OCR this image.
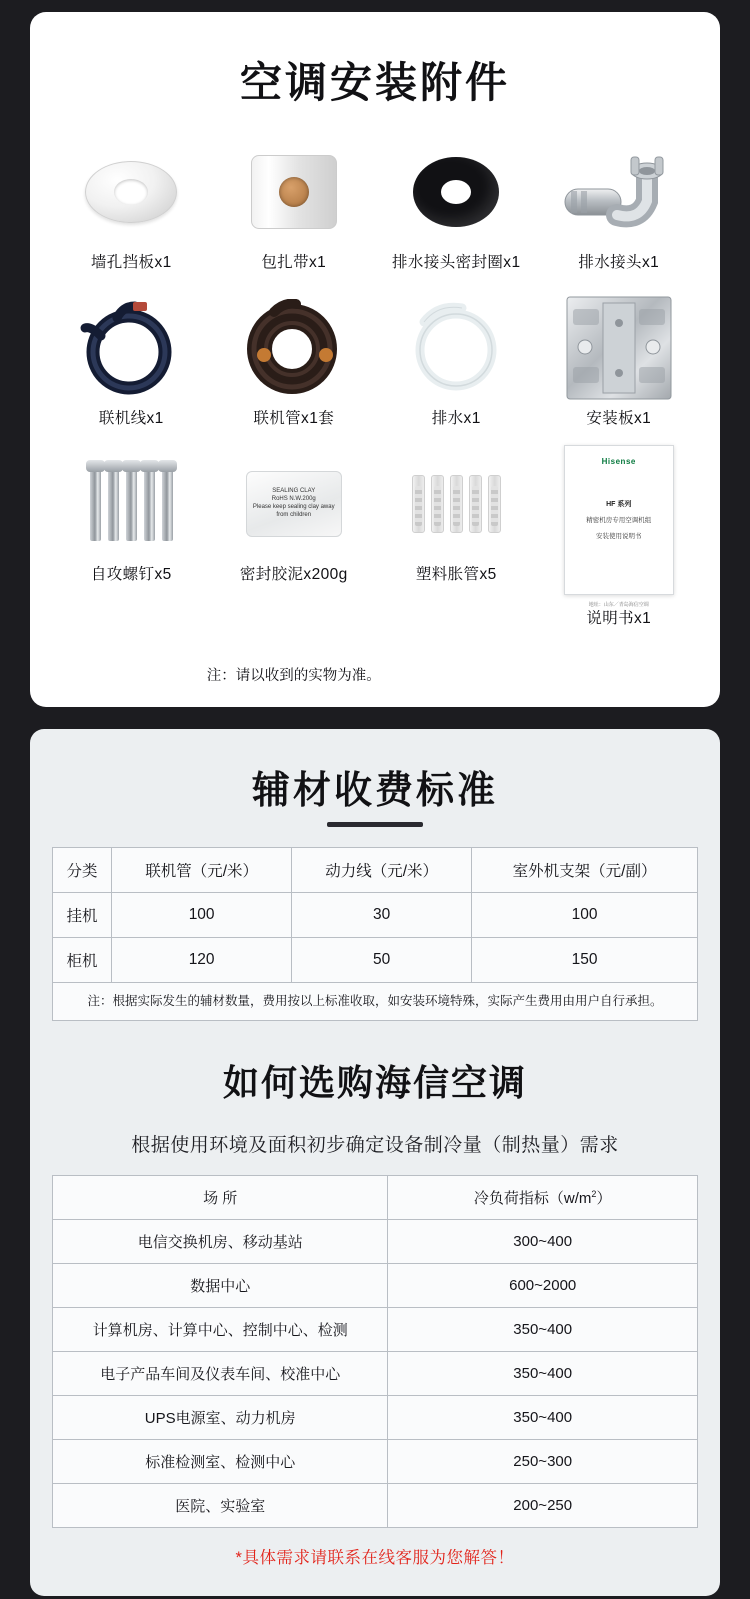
空调安装附件
墙孔挡板x1	包扎带x1	排水接头密封圈x1	排水接头x1
联机线x1	联机管x1套	排水x1	安装板x1
自攻螺钉x5
SEALING CLAY
RoHS N.W.200g
Please keep sealing clay away from children
密封胶泥x200g	塑料胀管x5
Hisense
HF 系列
精密机房专用空调机组
安装使用说明书
地址：山东／青岛海信空调
说明书x1
注：请以收到的实物为准。
辅材收费标准
分类	联机管（元/米）	动力线（元/米）	室外机支架（元/副）
挂机	100	30	100
柜机	120	50	150
注：根据实际发生的辅材数量，费用按以上标准收取，如安装环境特殊，实际产生费用由用户自行承担。			
如何选购海信空调

根据使用环境及面积初步确定设备制冷量（制热量）需求

场 所	冷负荷指标$(w/m^2)$
电信交换机房、移动基站	300~400
数据中心	600~2000
计算机房、计算中心、控制中心、检测	350~400
电子产品车间及仪表车间、校准中心	350~400
UPS电源室、动力机房	350~400
标准检测室、检测中心	250~300
医院、实验室	200~250
*具体需求请联系在线客服为您解答！
